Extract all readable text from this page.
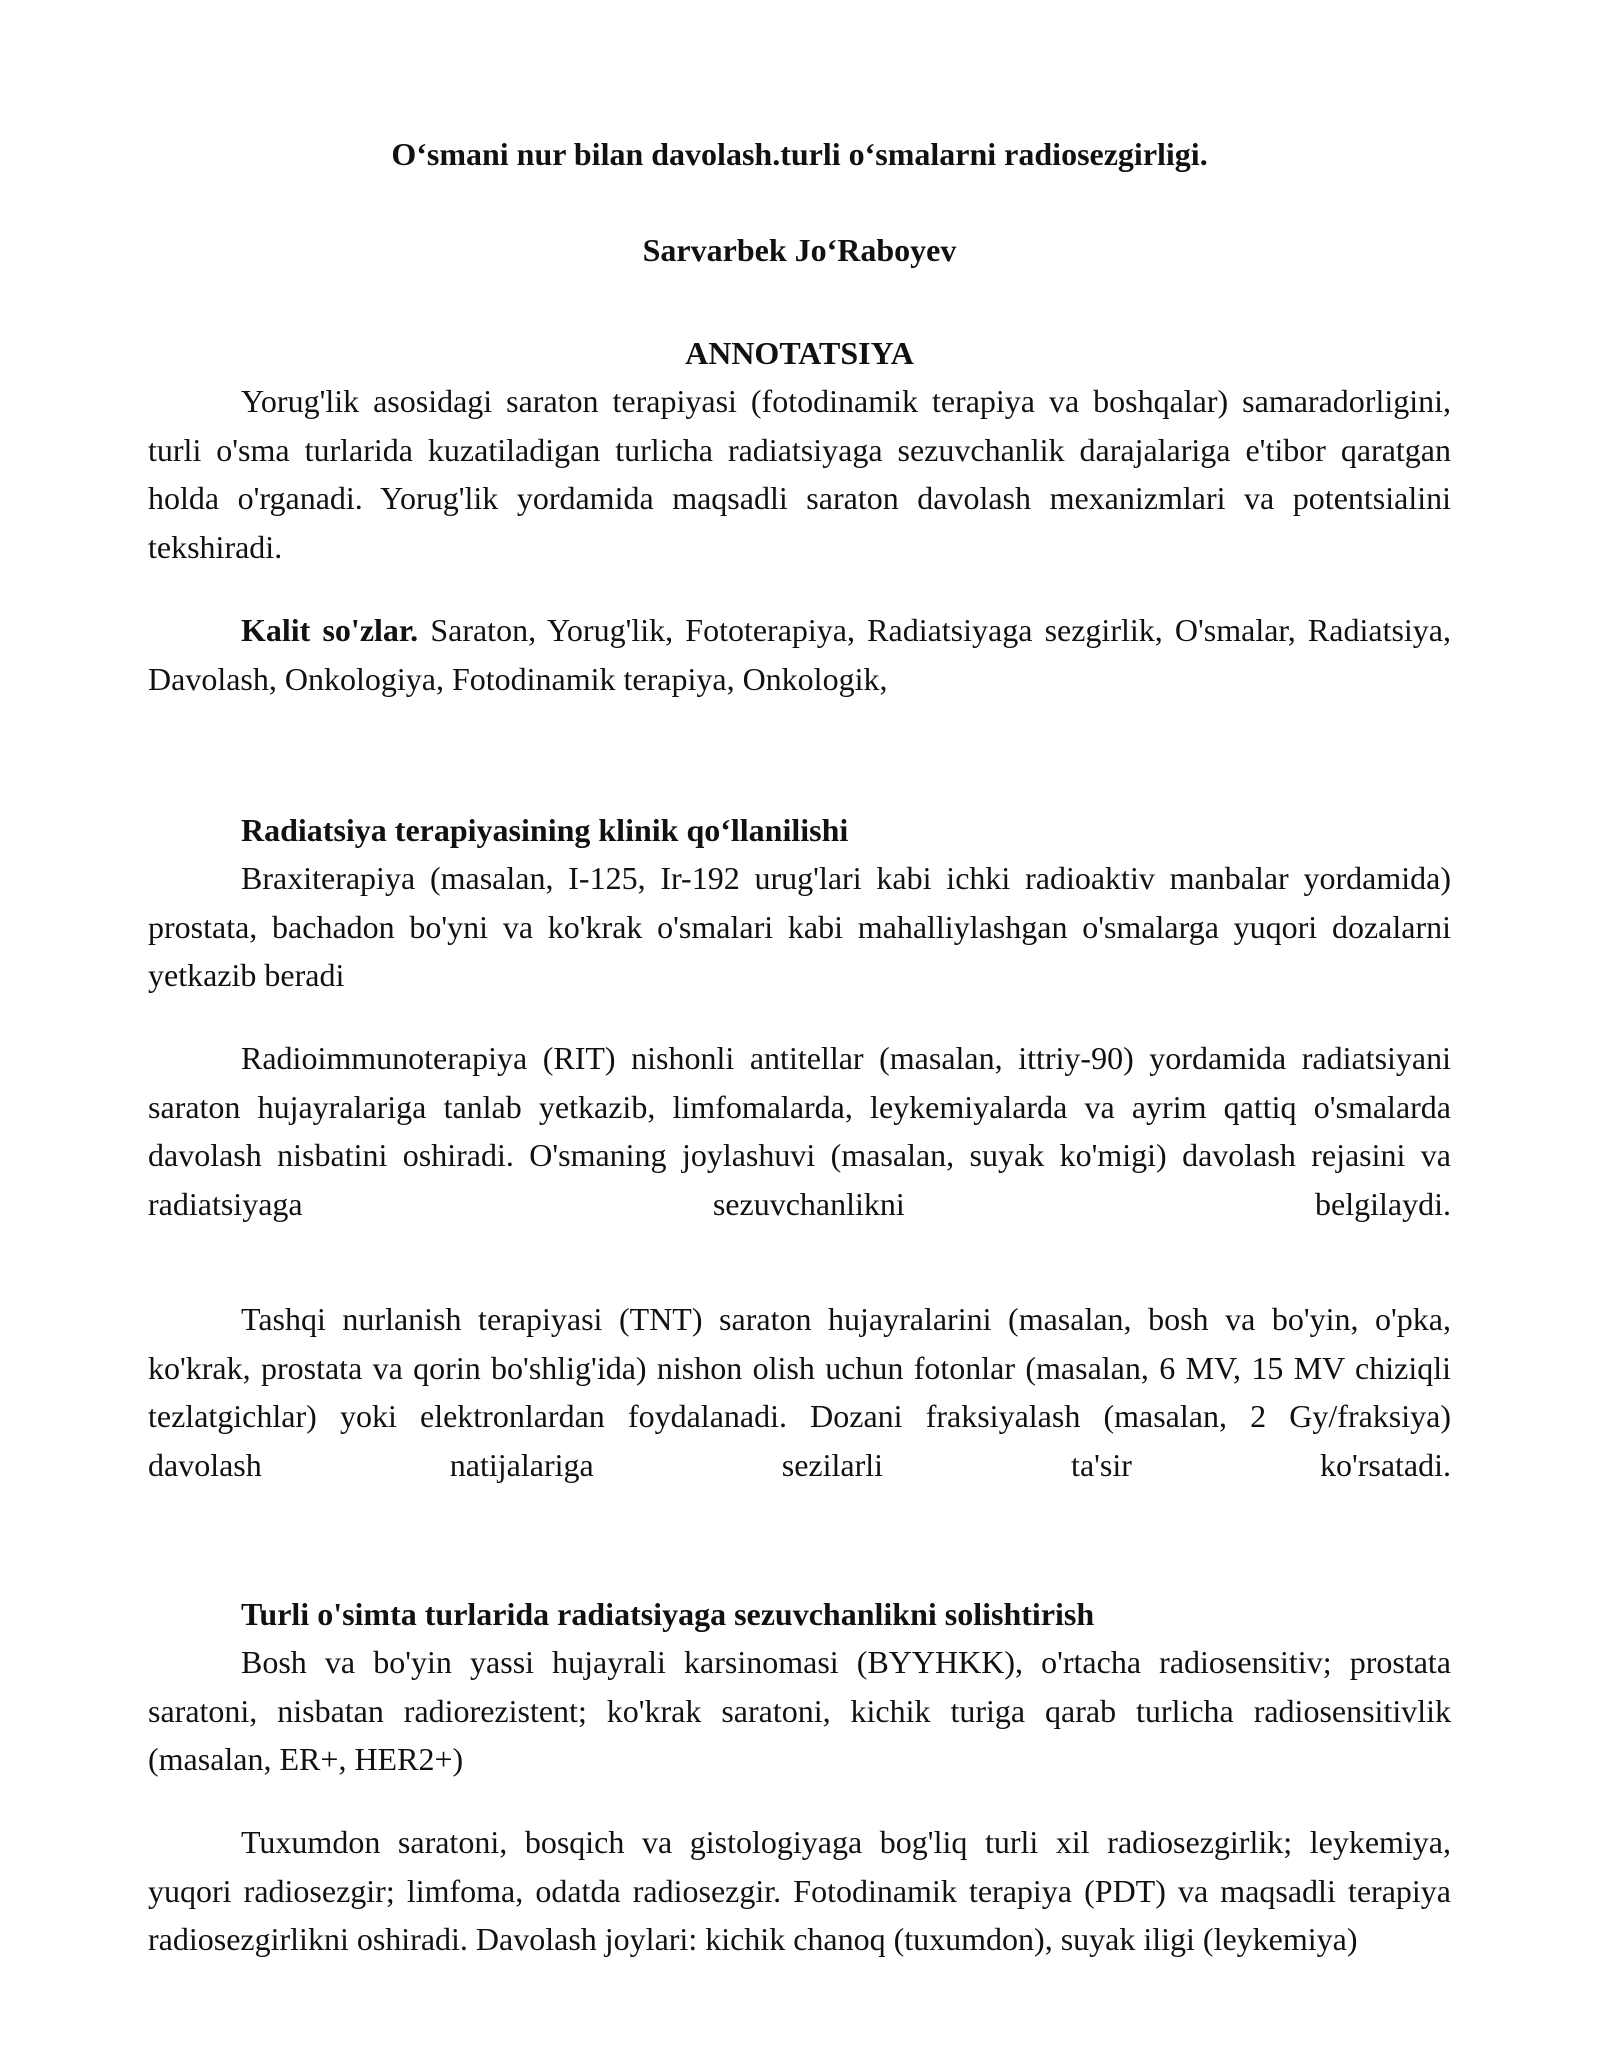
O‘smani nur bilan davolash.turli o‘smalarni radiosezgirligi.

Sarvarbek Jo‘Raboyev

ANNOTATSIYA

Yorug'lik asosidagi saraton terapiyasi (fotodinamik terapiya va boshqalar) samaradorligini, turli o'sma turlarida kuzatiladigan turlicha radiatsiyaga sezuvchanlik darajalariga e'tibor qaratgan holda o'rganadi. Yorug'lik yordamida maqsadli saraton davolash mexanizmlari va potentsialini tekshiradi.

Kalit so'zlar. Saraton, Yorug'lik, Fototerapiya, Radiatsiyaga sezgirlik, O'smalar, Radiatsiya, Davolash, Onkologiya, Fotodinamik terapiya, Onkologik,

Radiatsiya terapiyasining klinik qo‘llanilishi

Braxiterapiya (masalan, I-125, Ir-192 urug'lari kabi ichki radioaktiv manbalar yordamida) prostata, bachadon bo'yni va ko'krak o'smalari kabi mahalliylashgan o'smalarga yuqori dozalarni yetkazib beradi

Radioimmunoterapiya (RIT) nishonli antitellar (masalan, ittriy-90) yordamida radiatsiyani saraton hujayralariga tanlab yetkazib, limfomalarda, leykemiyalarda va ayrim qattiq o'smalarda davolash nisbatini oshiradi. O'smaning joylashuvi (masalan, suyak ko'migi) davolash rejasini va radiatsiyaga sezuvchanlikni belgilaydi.

Tashqi nurlanish terapiyasi (TNT) saraton hujayralarini (masalan, bosh va bo'yin, o'pka, ko'krak, prostata va qorin bo'shlig'ida) nishon olish uchun fotonlar (masalan, 6 MV, 15 MV chiziqli tezlatgichlar) yoki elektronlardan foydalanadi. Dozani fraksiyalash (masalan, 2 Gy/fraksiya) davolash natijalariga sezilarli ta'sir ko'rsatadi.

Turli o'simta turlarida radiatsiyaga sezuvchanlikni solishtirish

Bosh va bo'yin yassi hujayrali karsinomasi (BYYHKK), o'rtacha radiosensitiv; prostata saratoni, nisbatan radiorezistent; ko'krak saratoni, kichik turiga qarab turlicha radiosensitivlik (masalan, ER+, HER2+)

Tuxumdon saratoni, bosqich va gistologiyaga bog'liq turli xil radiosezgirlik; leykemiya, yuqori radiosezgir; limfoma, odatda radiosezgir. Fotodinamik terapiya (PDT) va maqsadli terapiya radiosezgirlikni oshiradi. Davolash joylari: kichik chanoq (tuxumdon), suyak iligi (leykemiya)
